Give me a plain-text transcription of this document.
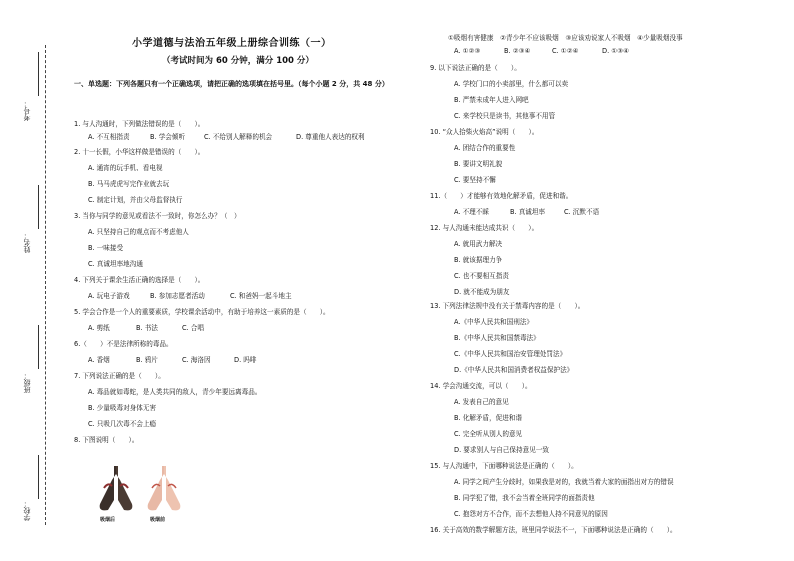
考号：
姓名：
班级：
学校：
小学道德与法治五年级上册综合训练（一）
（考试时间为 60 分钟，满分 100 分）
一、单选题：下列各题只有一个正确选项，请把正确的选项填在括号里。（每个小题 2 分，共 48 分）
1. 与人沟通时，下列做法错误的是（　　）。
A. 不互相指责	B. 学会倾听	C. 不给别人解释的机会	D. 尊重他人表达的权利
2. 十一长假，小华这样做是错误的（　　）。
A. 通宵的玩手机、看电视
B. 马马虎虎写完作业就去玩
C. 制定计划，并由父母监督执行
3. 当你与同学的意见或看法不一致时，你怎么办？（　）
A. 只坚持自己的观点而不考虑他人
B. 一味接受
C. 真诚坦率地沟通
4. 下列关于课余生活正确的选择是（　　）。
A. 玩电子游戏	B. 参加志愿者活动	C. 和爸妈一起斗地主
5. 学会合作是一个人的重要素质，学校课余活动中，有助于培养这一素质的是（　　）。
A. 剪纸	B. 书法	C. 合唱
6.（　　）不是法律所称的毒品。
A. 香烟	B. 鸦片	C. 海洛因	D. 吗啡
7. 下列说法正确的是（　　）。
A. 毒品就如毒蛇，是人类共同的敌人，青少年要远离毒品。
B. 少量吸毒对身体无害
C. 只吸几次毒不会上瘾
8. 下图说明（　　）。
吸烟后	吸烟前
①吸烟有害健康　②青少年不应该吸烟　③应该劝说家人不吸烟　④少量吸烟没事
A. ①②③	B. ②③④	C. ①②④	D. ①③④
9. 以下说法正确的是（　　）。
A. 学校门口的小卖部里，什么都可以卖
B. 严禁未成年人进入网吧
C. 来学校只是读书，其他事不用管
10. “众人拾柴火焰高”说明（　　）。
A. 团结合作的重要性
B. 要讲文明礼貌
C. 要坚持不懈
11.（　　）才能够有效地化解矛盾，促进和谐。
A. 不理不睬	B. 真诚坦率	C. 沉默不语
12. 与人沟通未能达成共识（　　）。
A. 就用武力解决
B. 就该据理力争
C. 也不要相互指责
D. 就不能成为朋友
13. 下列法律法规中没有关于禁毒内容的是（　　）。
A.《中华人民共和国刑法》
B.《中华人民共和国禁毒法》
C.《中华人民共和国治安管理处罚法》
D.《中华人民共和国消费者权益保护法》
14. 学会沟通交流，可以（　　）。
A. 发表自己的意见
B. 化解矛盾，促进和谐
C. 完全听从别人的意见
D. 要求别人与自己保持意见一致
15. 与人沟通中，下面哪种说法是正确的（　　）。
A. 同学之间产生分歧时，如果我是对的，我就当着大家的面指出对方的错误
B. 同学犯了错，我不会当着全班同学的面指责他
C. 抱怨对方不合作，而不去想他人持不同意见的原因
16. 关于高效的数学解题方法，班里同学说法不一，下面哪种说法是正确的（　　）。
